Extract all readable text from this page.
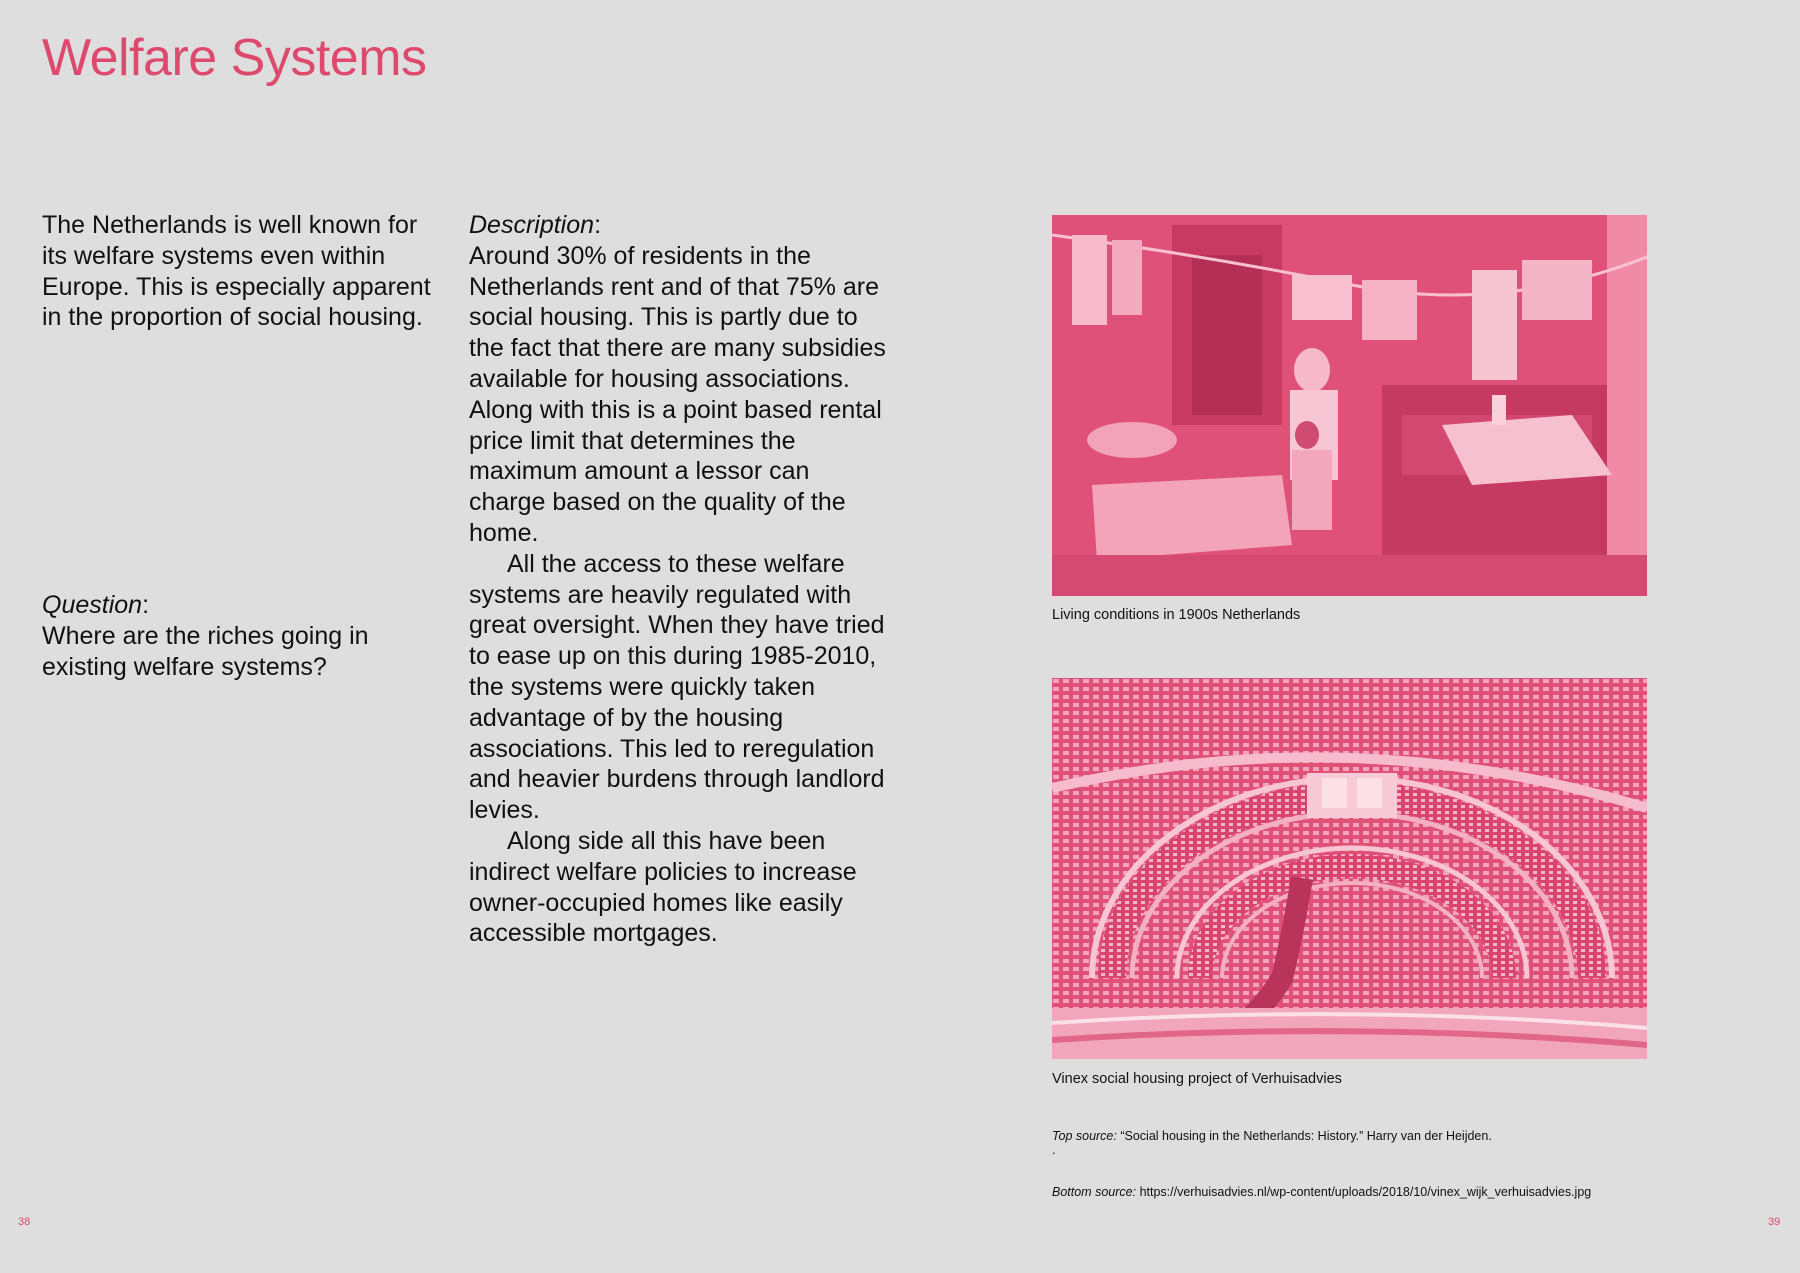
Welfare Systems

The Netherlands is well known for its welfare systems even within Europe. This is especially apparent in the proportion of social housing.

Question:

Where are the riches going in existing welfare systems?

Description:

Around 30% of residents in the Netherlands rent and of that 75% are social housing. This is partly due to the fact that there are many subsidies available for housing associations. Along with this is a point based rental price limit that determines the maximum amount a lessor can charge based on the quality of the home.

All the access to these welfare systems are heavily regulated with great oversight. When they have tried to ease up on this during 1985-2010, the systems were quickly taken advantage of by the housing associations. This led to reregulation and heavier burdens through landlord levies.

Along side all this have been indirect welfare policies to increase owner-occupied homes like easily accessible mortgages.

Living conditions in 1900s Netherlands
Vinex social housing project of Verhuisadvies
Top source: “Social housing in the Netherlands: History.” Harry van der Heijden.
.
Bottom source: https://verhuisadvies.nl/wp-content/uploads/2018/10/vinex_wijk_verhuisadvies.jpg
38	39
